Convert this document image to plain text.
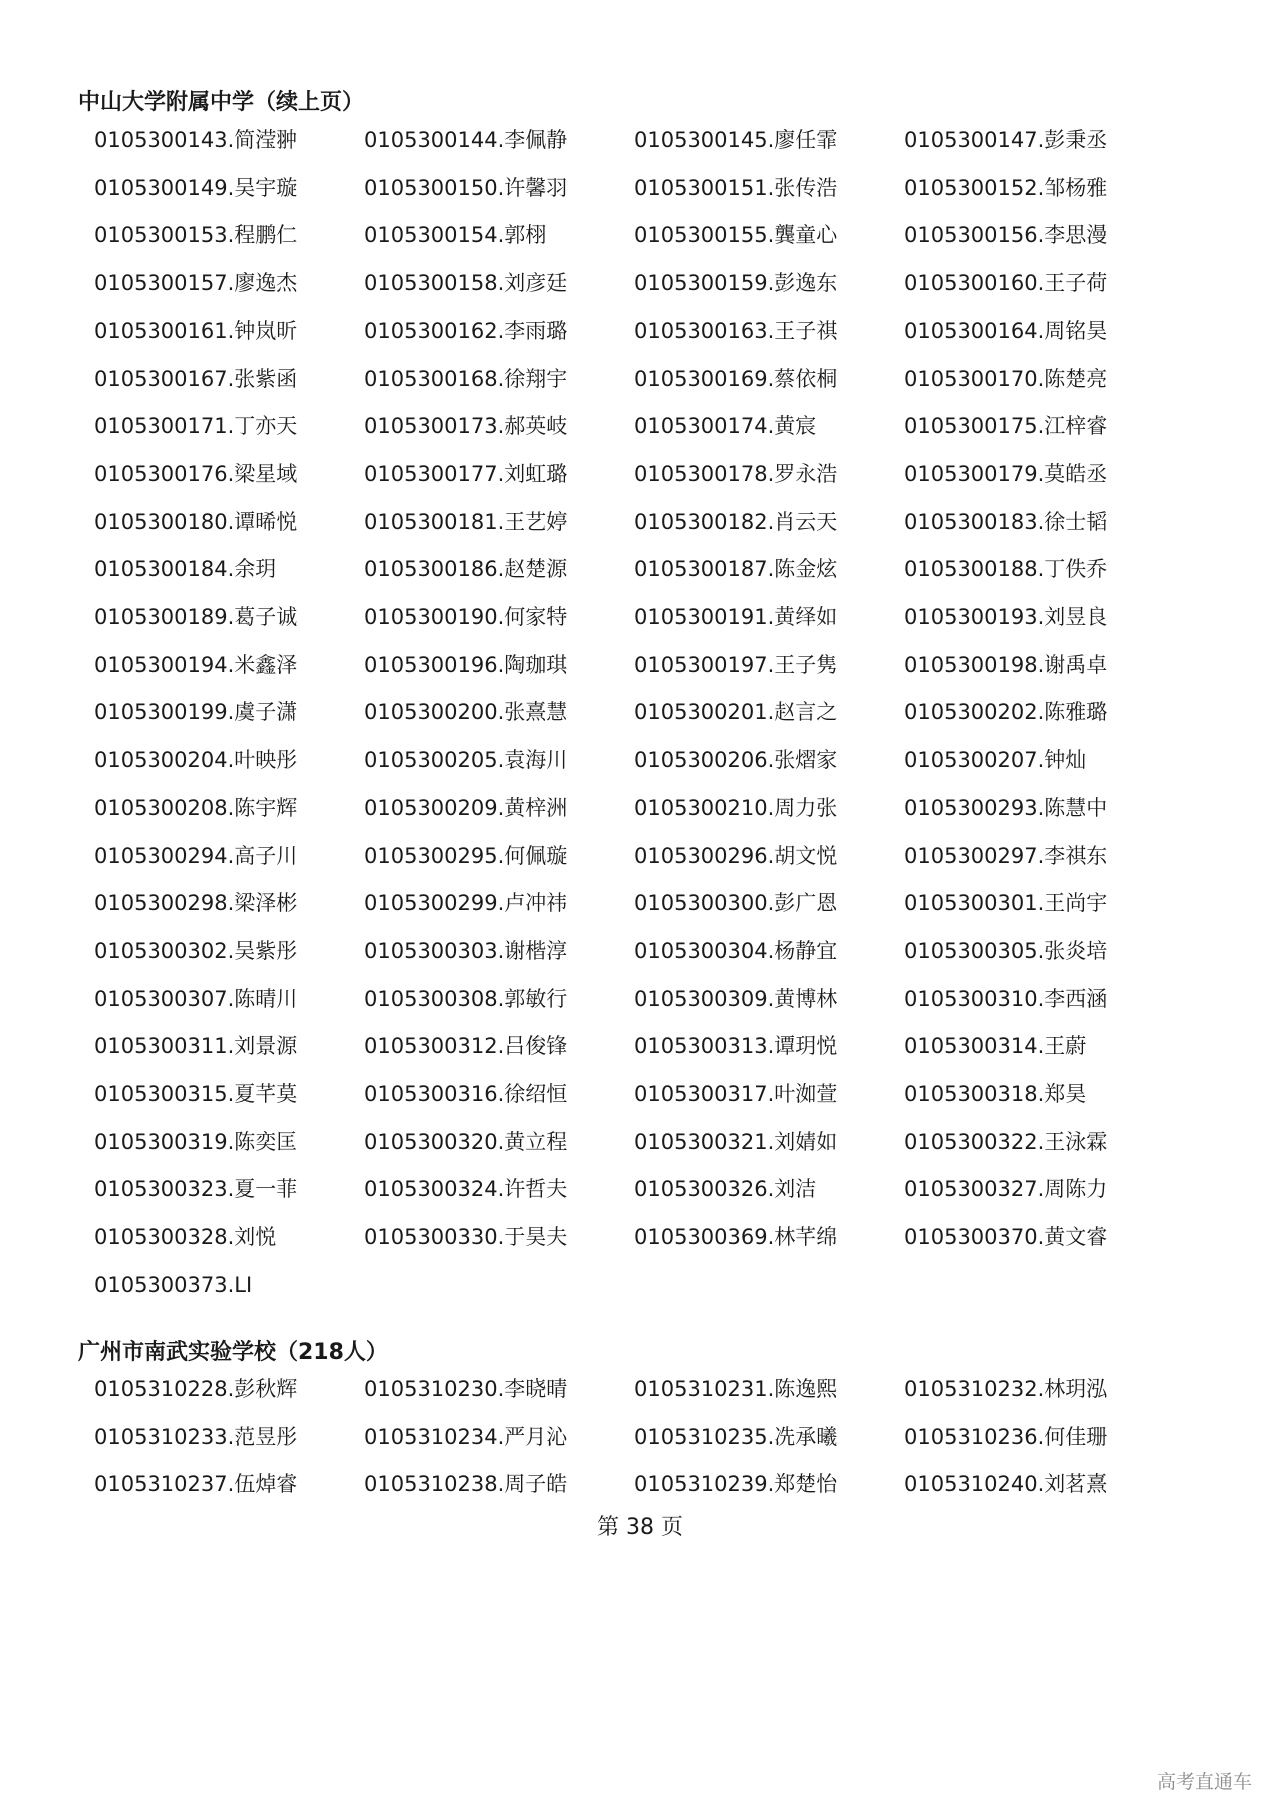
中山大学附属中学（续上页）
0105300143.简滢翀	0105300144.李佩静	0105300145.廖任霏	0105300147.彭秉丞
0105300149.吴宇璇	0105300150.许馨羽	0105300151.张传浩	0105300152.邹杨雅
0105300153.程鹏仁	0105300154.郭栩	0105300155.龔童心	0105300156.李思漫
0105300157.廖逸杰	0105300158.刘彦廷	0105300159.彭逸东	0105300160.王子荷
0105300161.钟岚昕	0105300162.李雨璐	0105300163.王子祺	0105300164.周铭昊
0105300167.张紫函	0105300168.徐翔宇	0105300169.蔡依桐	0105300170.陈楚亮
0105300171.丁亦天	0105300173.郝英岐	0105300174.黄宸	0105300175.江梓睿
0105300176.梁星域	0105300177.刘虹璐	0105300178.罗永浩	0105300179.莫皓丞
0105300180.谭晞悦	0105300181.王艺婷	0105300182.肖云天	0105300183.徐士韬
0105300184.余玥	0105300186.赵楚源	0105300187.陈金炫	0105300188.丁佚乔
0105300189.葛子诚	0105300190.何家特	0105300191.黄绎如	0105300193.刘昱良
0105300194.米鑫泽	0105300196.陶珈琪	0105300197.王子隽	0105300198.谢禹卓
0105300199.虞子潇	0105300200.张熹慧	0105300201.赵言之	0105300202.陈雅璐
0105300204.叶映彤	0105300205.袁海川	0105300206.张熠家	0105300207.钟灿
0105300208.陈宇辉	0105300209.黄梓洲	0105300210.周力张	0105300293.陈慧中
0105300294.高子川	0105300295.何佩璇	0105300296.胡文悦	0105300297.李祺东
0105300298.梁泽彬	0105300299.卢冲祎	0105300300.彭广恩	0105300301.王尚宇
0105300302.吴紫彤	0105300303.谢楷淳	0105300304.杨静宜	0105300305.张炎培
0105300307.陈晴川	0105300308.郭敏行	0105300309.黄博林	0105300310.李西涵
0105300311.刘景源	0105300312.吕俊锋	0105300313.谭玥悦	0105300314.王蔚
0105300315.夏芊莫	0105300316.徐绍恒	0105300317.叶洳萱	0105300318.郑昊
0105300319.陈奕匡	0105300320.黄立程	0105300321.刘婧如	0105300322.王泳霖
0105300323.夏一菲	0105300324.许哲夫	0105300326.刘洁	0105300327.周陈力
0105300328.刘悦	0105300330.于昊夫	0105300369.林芊绵	0105300370.黄文睿
0105300373.LI
广州市南武实验学校（218人）
0105310228.彭秋辉	0105310230.李晓晴	0105310231.陈逸熙	0105310232.林玥泓
0105310233.范昱彤	0105310234.严月沁	0105310235.冼承曦	0105310236.何佳珊
0105310237.伍焯睿	0105310238.周子皓	0105310239.郑楚怡	0105310240.刘茗熹
第 38 页
高考直通车
